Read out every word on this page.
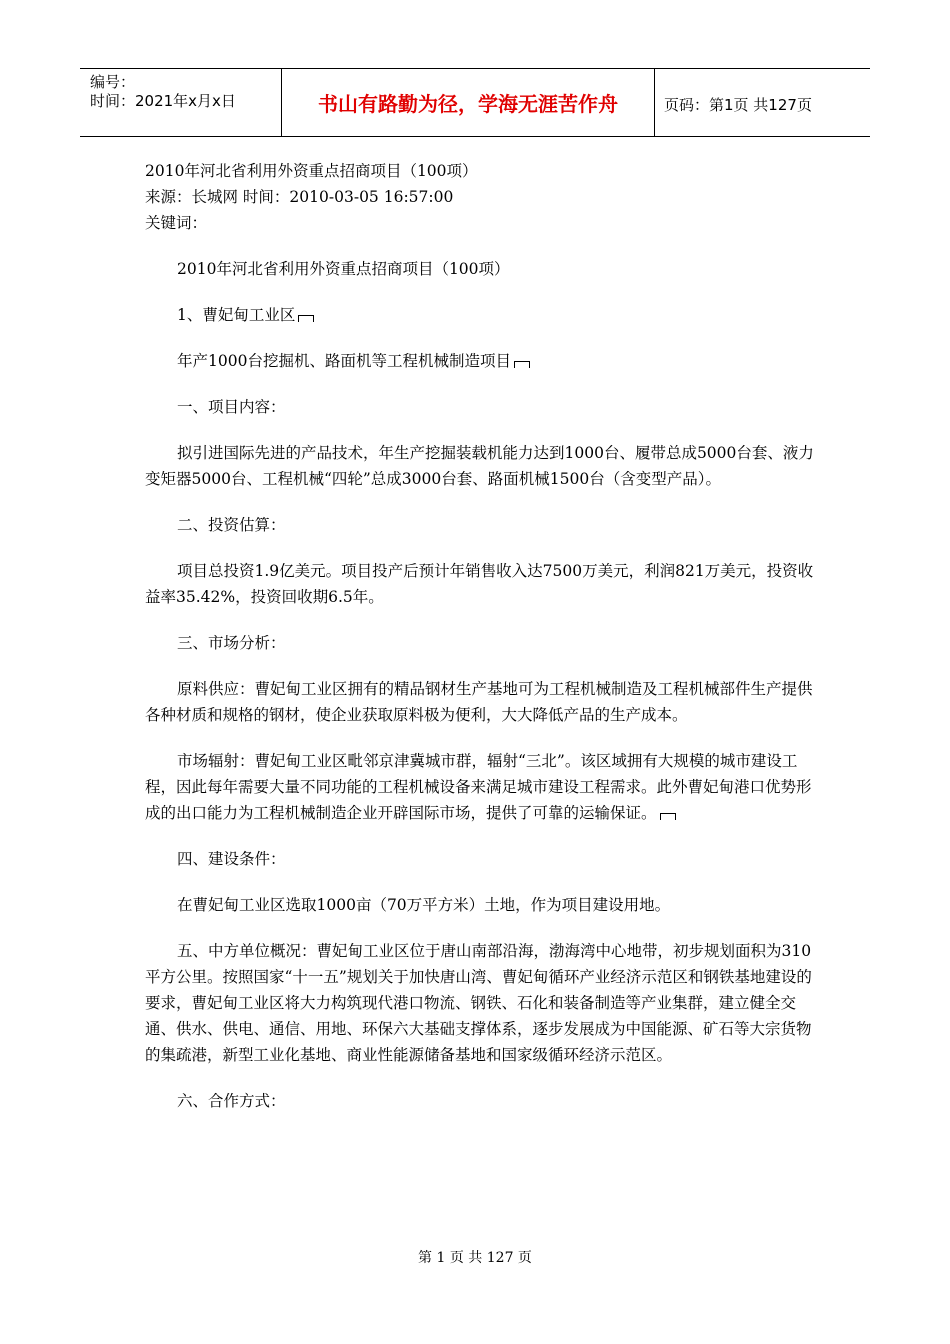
编号：
时间：2021年x月x日	书山有路勤为径，学海无涯苦作舟	页码：第1页 共127页

2010年河北省利用外资重点招商项目（100项）

来源：长城网 时间：2010-03-05 16:57:00

关键词：

2010年河北省利用外资重点招商项目（100项）

1、曹妃甸工业区

年产1000台挖掘机、路面机等工程机械制造项目

一、项目内容：

拟引进国际先进的产品技术，年生产挖掘装载机能力达到1000台、履带总成5000台套、液力变矩器5000台、工程机械“四轮”总成3000台套、路面机械1500台（含变型产品）。

二、投资估算：

项目总投资1.9亿美元。项目投产后预计年销售收入达7500万美元，利润821万美元，投资收益率35.42%，投资回收期6.5年。

三、市场分析：

原料供应：曹妃甸工业区拥有的精品钢材生产基地可为工程机械制造及工程机械部件生产提供各种材质和规格的钢材，使企业获取原料极为便利，大大降低产品的生产成本。

市场辐射：曹妃甸工业区毗邻京津冀城市群，辐射“三北”。该区域拥有大规模的城市建设工程，因此每年需要大量不同功能的工程机械设备来满足城市建设工程需求。此外曹妃甸港口优势形成的出口能力为工程机械制造企业开辟国际市场，提供了可靠的运输保证。

四、建设条件：

在曹妃甸工业区选取1000亩（70万平方米）土地，作为项目建设用地。

五、中方单位概况：曹妃甸工业区位于唐山南部沿海，渤海湾中心地带，初步规划面积为310平方公里。按照国家“十一五”规划关于加快唐山湾、曹妃甸循环产业经济示范区和钢铁基地建设的要求，曹妃甸工业区将大力构筑现代港口物流、钢铁、石化和装备制造等产业集群，建立健全交通、供水、供电、通信、用地、环保六大基础支撑体系，逐步发展成为中国能源、矿石等大宗货物的集疏港，新型工业化基地、商业性能源储备基地和国家级循环经济示范区。

六、合作方式：

第 1 页 共 127 页
